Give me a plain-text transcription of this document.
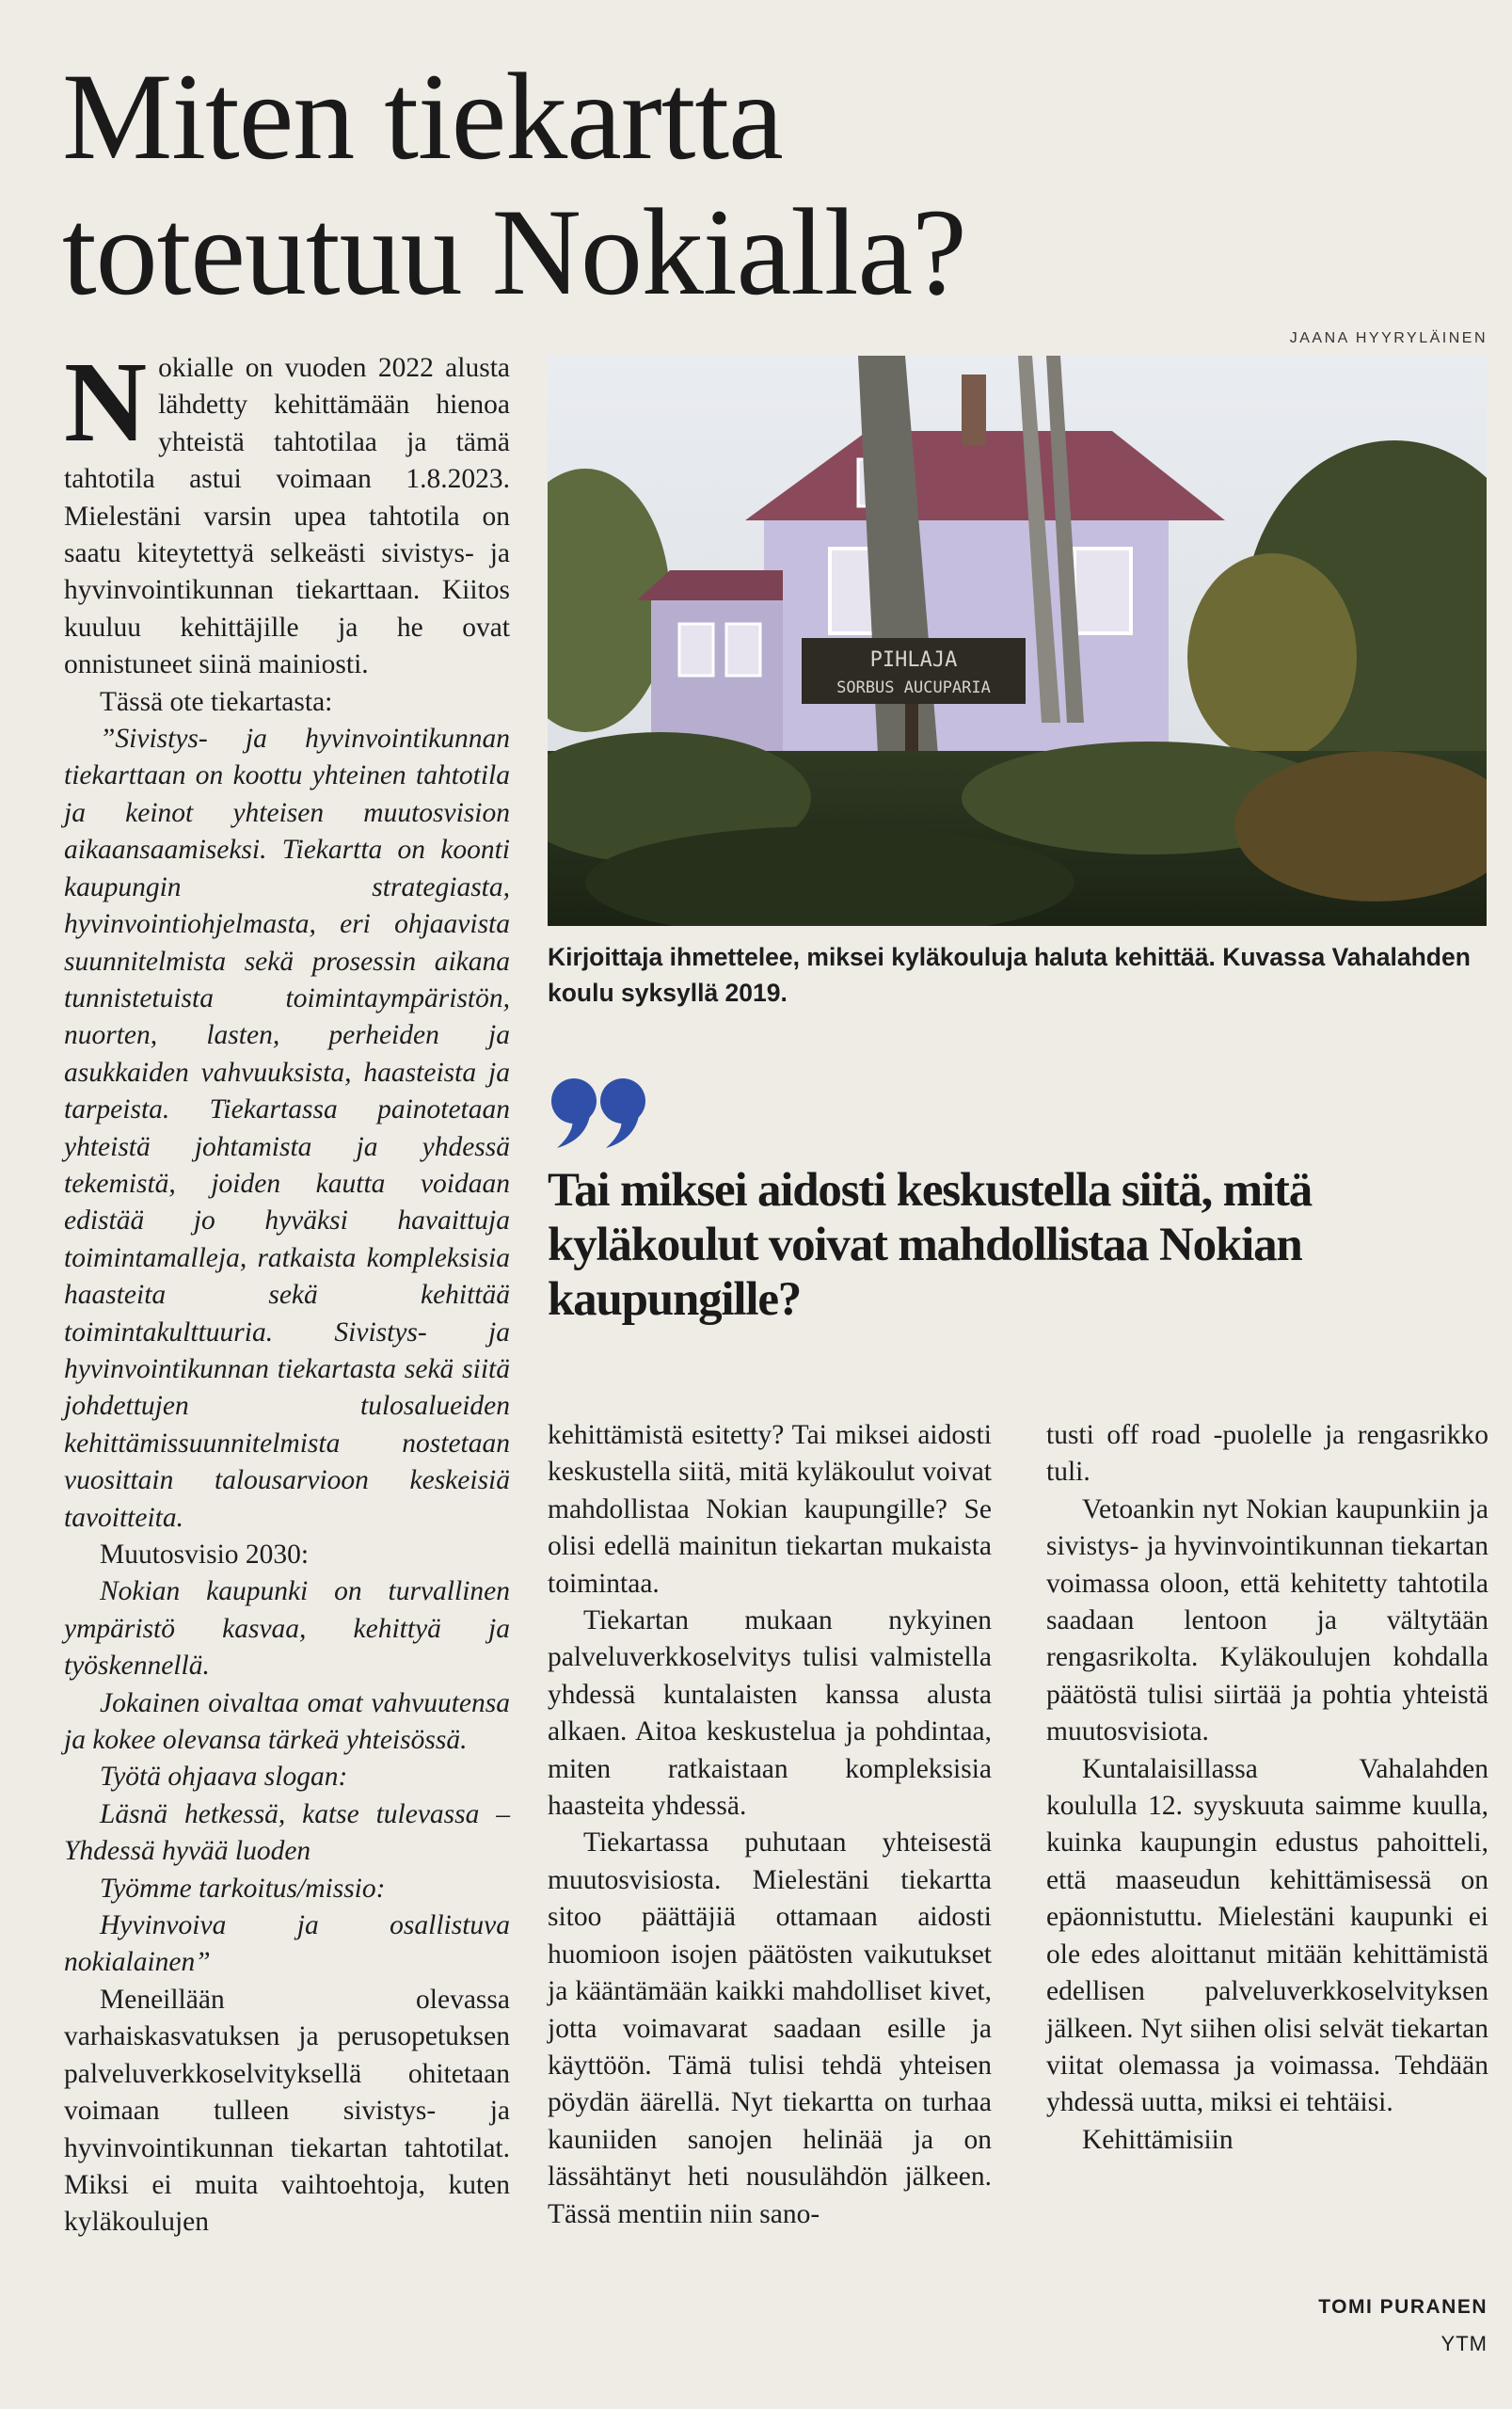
Miten tiekartta
toteutuu Nokialla?
JAANA HYYRYLÄINEN

Nokialle on vuoden 2022 alusta lähdetty kehittämään hienoa yhteistä tahtotilaa ja tämä tahtotila astui voimaan 1.8.2023. Mielestäni varsin upea tahtotila on saatu kiteytettyä selkeästi sivistys- ja hyvinvointikunnan tiekarttaan. Kiitos kuuluu kehittäjille ja he ovat onnistuneet siinä mainiosti.

Tässä ote tiekartasta:

”Sivistys- ja hyvinvointikunnan tiekarttaan on koottu yhteinen tahtotila ja keinot yhteisen muutosvision aikaansaamiseksi. Tiekartta on koonti kaupungin strategiasta, hyvinvointiohjelmasta, eri ohjaavista suunnitelmista sekä prosessin aikana tunnistetuista toimintaympäristön, nuorten, lasten, perheiden ja asukkaiden vahvuuksista, haasteista ja tarpeista. Tiekartassa painotetaan yhteistä johtamista ja yhdessä tekemistä, joiden kautta voidaan edistää jo hyväksi havaittuja toimintamalleja, ratkaista kompleksisia haasteita sekä kehittää toimintakulttuuria. Sivistys- ja hyvinvointikunnan tiekartasta sekä siitä johdettujen tulosalueiden kehittämissuunnitelmista nostetaan vuosittain talousarvioon keskeisiä tavoitteita.

Muutosvisio 2030:

Nokian kaupunki on turvallinen ympäristö kasvaa, kehittyä ja työskennellä.

Jokainen oivaltaa omat vahvuutensa ja kokee olevansa tärkeä yhteisössä.

Työtä ohjaava slogan:

Läsnä hetkessä, katse tulevassa – Yhdessä hyvää luoden

Työmme tarkoitus/missio:

Hyvinvoiva ja osallistuva nokialainen”

Meneillään olevassa varhaiskasvatuksen ja perusopetuksen palveluverkkoselvityksellä ohitetaan voimaan tulleen sivistys- ja hyvinvointikunnan tiekartan tahtotilat. Miksi ei muita vaihtoehtoja, kuten kyläkoulujen

PIHLAJA
SORBUS AUCUPARIA
Kirjoittaja ihmettelee, miksei kyläkouluja haluta kehittää. Kuvassa Vahalahden koulu syksyllä 2019.
Tai miksei aidosti keskustella siitä, mitä kyläkoulut voivat mahdollistaa Nokian kaupungille?

kehittämistä esitetty? Tai miksei aidosti keskustella siitä, mitä kyläkoulut voivat mahdollistaa Nokian kaupungille? Se olisi edellä mainitun tiekartan mukaista toimintaa.

Tiekartan mukaan nykyinen palveluverkkoselvitys tulisi valmistella yhdessä kuntalaisten kanssa alusta alkaen. Aitoa keskustelua ja pohdintaa, miten ratkaistaan kompleksisia haasteita yhdessä.

Tiekartassa puhutaan yhteisestä muutosvisiosta. Mielestäni tiekartta sitoo päättäjiä ottamaan aidosti huomioon isojen päätösten vaikutukset ja kääntämään kaikki mahdolliset kivet, jotta voimavarat saadaan esille ja käyttöön. Tämä tulisi tehdä yhteisen pöydän äärellä. Nyt tiekartta on turhaa kauniiden sanojen helinää ja on lässähtänyt heti nousulähdön jälkeen. Tässä mentiin niin sano-

tusti off road -puolelle ja rengasrikko tuli.

Vetoankin nyt Nokian kaupunkiin ja sivistys- ja hyvinvointikunnan tiekartan voimassa oloon, että kehitetty tahtotila saadaan lentoon ja vältytään rengasrikolta. Kyläkoulujen kohdalla päätöstä tulisi siirtää ja pohtia yhteistä muutosvisiota.

Kuntalaisillassa Vahalahden koululla 12. syyskuuta saimme kuulla, kuinka kaupungin edustus pahoitteli, että maaseudun kehittämisessä on epäonnistuttu. Mielestäni kaupunki ei ole edes aloittanut mitään kehittämistä edellisen palveluverkkoselvityksen jälkeen. Nyt siihen olisi selvät tiekartan viitat olemassa ja voimassa. Tehdään yhdessä uutta, miksi ei tehtäisi.

Kehittämisiin

TOMI PURANEN
YTM
